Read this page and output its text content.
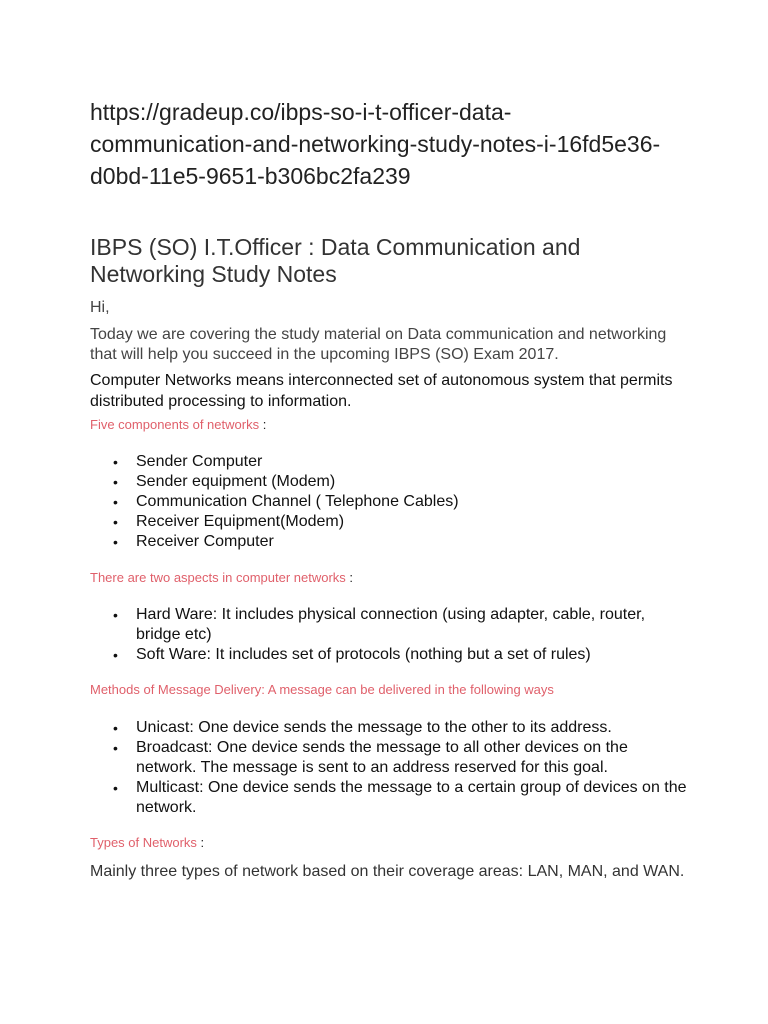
https://gradeup.co/ibps-so-i-t-officer-data-
communication-and-networking-study-notes-i-16fd5e36-
d0bd-11e5-9651-b306bc2fa239

IBPS (SO) I.T.Officer : Data Communication and Networking Study Notes

Hi,

Today we are covering the study material on Data communication and networking that will help you succeed in the upcoming IBPS (SO) Exam 2017.

Computer Networks means interconnected set of autonomous system that permits distributed processing to information.

Five components of networks :

• Sender Computer
• Sender equipment (Modem)
• Communication Channel ( Telephone Cables)
• Receiver Equipment(Modem)
• Receiver Computer

There are two aspects in computer networks :

• Hard Ware: It includes physical connection (using adapter, cable, router, bridge etc)
• Soft Ware: It includes set of protocols (nothing but a set of rules)

Methods of Message Delivery: A message can be delivered in the following ways

• Unicast: One device sends the message to the other to its address.
• Broadcast: One device sends the message to all other devices on the network. The message is sent to an address reserved for this goal.
• Multicast: One device sends the message to a certain group of devices on the network.

Types of Networks :

Mainly three types of network based on their coverage areas: LAN, MAN, and WAN.
